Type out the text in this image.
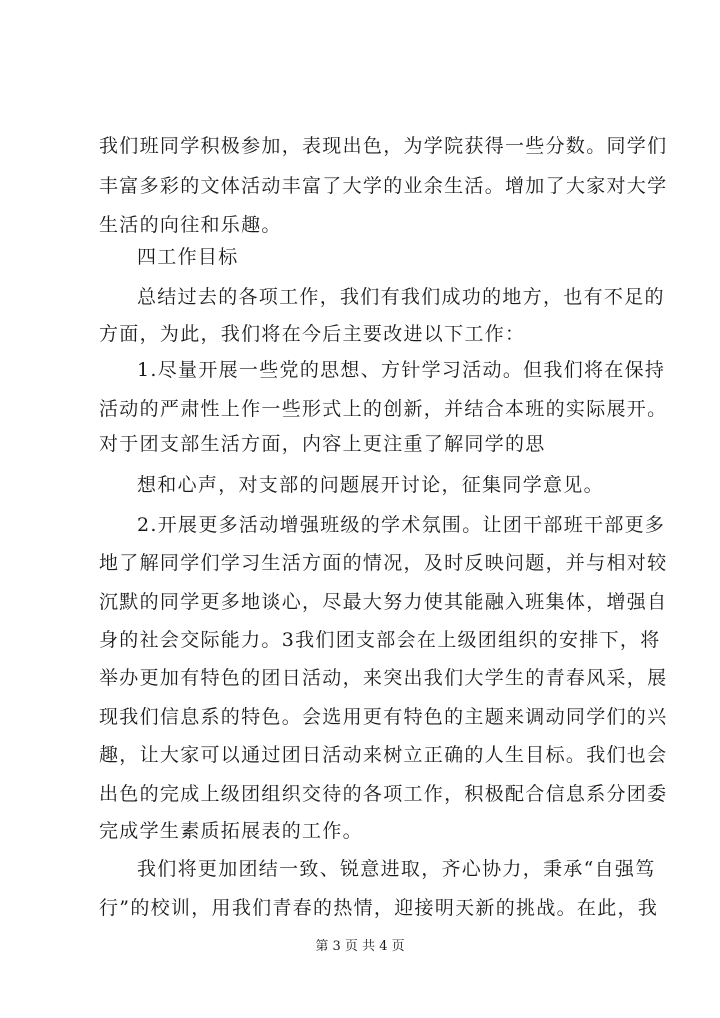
我们班同学积极参加，表现出色，为学院获得一些分数。同学们
丰富多彩的文体活动丰富了大学的业余生活。增加了大家对大学
生活的向往和乐趣。
四工作目标
总结过去的各项工作，我们有我们成功的地方，也有不足的
方面，为此，我们将在今后主要改进以下工作：
1.尽量开展一些党的思想、方针学习活动。但我们将在保持
活动的严肃性上作一些形式上的创新，并结合本班的实际展开。
对于团支部生活方面，内容上更注重了解同学的思
想和心声，对支部的问题展开讨论，征集同学意见。
2.开展更多活动增强班级的学术氛围。让团干部班干部更多
地了解同学们学习生活方面的情况，及时反映问题，并与相对较
沉默的同学更多地谈心，尽最大努力使其能融入班集体，增强自
身的社会交际能力。3我们团支部会在上级团组织的安排下，将
举办更加有特色的团日活动，来突出我们大学生的青春风采，展
现我们信息系的特色。会选用更有特色的主题来调动同学们的兴
趣，让大家可以通过团日活动来树立正确的人生目标。我们也会
出色的完成上级团组织交待的各项工作，积极配合信息系分团委
完成学生素质拓展表的工作。
我们将更加团结一致、锐意进取，齐心协力，秉承“自强笃
行”的校训，用我们青春的热情，迎接明天新的挑战。在此，我
第 3 页 共 4 页
